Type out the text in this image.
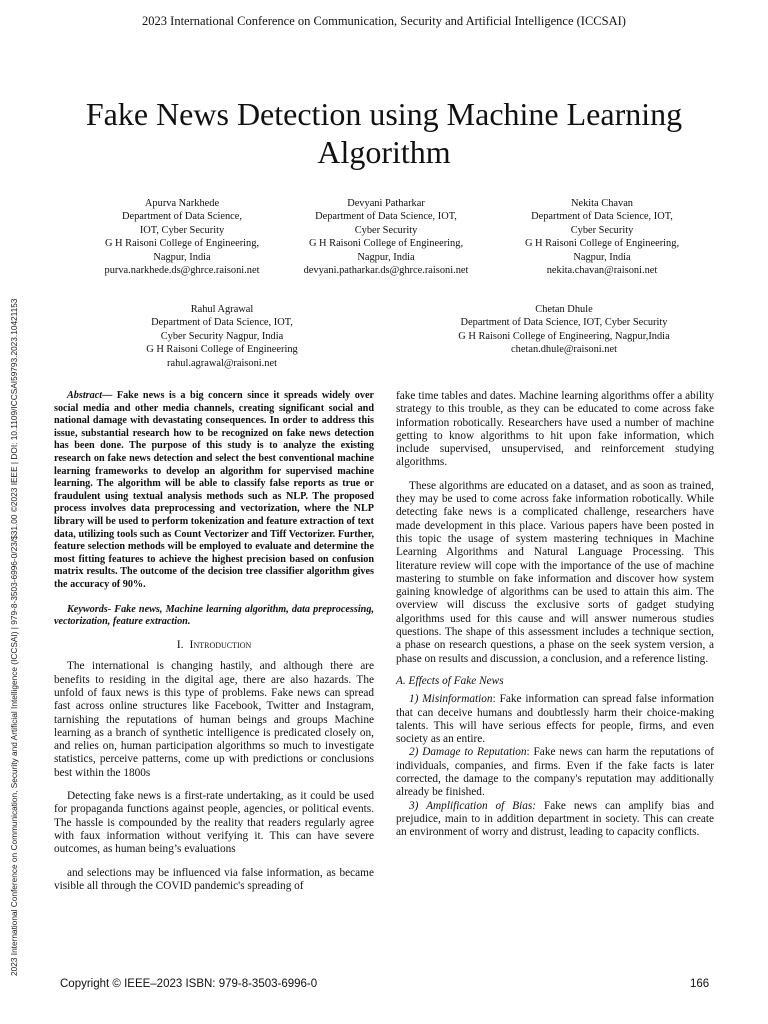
2023 International Conference on Communication, Security and Artificial Intelligence (ICCSAI)
2023 International Conference on Communication, Security and Artificial Intelligence (ICCSAI) | 979-8-3503-6996-0/23/$31.00 ©2023 IEEE | DOI: 10.1109/ICCSAI59793.2023.10421153
Fake News Detection using Machine Learning
Algorithm
Apurva Narkhede
Department of Data Science,
IOT, Cyber Security
G H Raisoni College of Engineering,
Nagpur, India
purva.narkhede.ds@ghrce.raisoni.net
Devyani Patharkar
Department of Data Science, IOT,
Cyber Security
G H Raisoni College of Engineering,
Nagpur, India
devyani.patharkar.ds@ghrce.raisoni.net
Nekita Chavan
Department of Data Science, IOT,
Cyber Security
G H Raisoni College of Engineering,
Nagpur, India
nekita.chavan@raisoni.net
Rahul Agrawal
Department of Data Science, IOT,
Cyber Security Nagpur, India
G H Raisoni College of Engineering
rahul.agrawal@raisoni.net
Chetan Dhule
Department of Data Science, IOT, Cyber Security
G H Raisoni College of Engineering, Nagpur,India
chetan.dhule@raisoni.net

Abstract— Fake news is a big concern since it spreads widely over social media and other media channels, creating significant social and national damage with devastating consequences. In order to address this issue, substantial research how to be recognized on fake news detection has been done. The purpose of this study is to analyze the existing research on fake news detection and select the best conventional machine learning frameworks to develop an algorithm for supervised machine learning. The algorithm will be able to classify false reports as true or fraudulent using textual analysis methods such as NLP. The proposed process involves data preprocessing and vectorization, where the NLP library will be used to perform tokenization and feature extraction of text data, utilizing tools such as Count Vectorizer and Tiff Vectorizer. Further, feature selection methods will be employed to evaluate and determine the most fitting features to achieve the highest precision based on confusion matrix results. The outcome of the decision tree classifier algorithm gives the accuracy of 90%.

Keywords- Fake news, Machine learning algorithm, data preprocessing, vectorization, feature extraction.

I. Introduction

The international is changing hastily, and although there are benefits to residing in the digital age, there are also hazards. The unfold of faux news is this type of problems. Fake news can spread fast across online structures like Facebook, Twitter and Instagram, tarnishing the reputations of human beings and groups Machine learning as a branch of synthetic intelligence is predicated closely on, and relies on, human participation algorithms so much to investigate statistics, perceive patterns, come up with predictions or conclusions best within the 1800s

Detecting fake news is a first-rate undertaking, as it could be used for propaganda functions against people, agencies, or political events. The hassle is compounded by the reality that readers regularly agree with faux information without verifying it. This can have severe outcomes, as human being’s evaluations

and selections may be influenced via false information, as became visible all through the COVID pandemic's spreading of

fake time tables and dates. Machine learning algorithms offer a ability strategy to this trouble, as they can be educated to come across fake information robotically. Researchers have used a number of machine getting to know algorithms to hit upon fake information, which include supervised, unsupervised, and reinforcement studying algorithms.

These algorithms are educated on a dataset, and as soon as trained, they may be used to come across fake information robotically. While detecting fake news is a complicated challenge, researchers have made development in this place. Various papers have been posted in this topic the usage of system mastering techniques in Machine Learning Algorithms and Natural Language Processing. This literature review will cope with the importance of the use of machine mastering to stumble on fake information and discover how system gaining knowledge of algorithms can be used to attain this aim. The overview will discuss the exclusive sorts of gadget studying algorithms used for this cause and will answer numerous studies questions. The shape of this assessment includes a technique section, a phase on research questions, a phase on the seek system version, a phase on results and discussion, a conclusion, and a reference listing.

A. Effects of Fake News

1) Misinformation: Fake information can spread false information that can deceive humans and doubtlessly harm their choice-making talents. This will have serious effects for people, firms, and even society as an entire.

2) Damage to Reputation: Fake news can harm the reputations of individuals, companies, and firms. Even if the fake facts is later corrected, the damage to the company's reputation may additionally already be finished.

3) Amplification of Bias: Fake news can amplify bias and prejudice, main to in addition department in society. This can create an environment of worry and distrust, leading to capacity conflicts.

Copyright © IEEE–2023 ISBN: 979-8-3503-6996-0	166
